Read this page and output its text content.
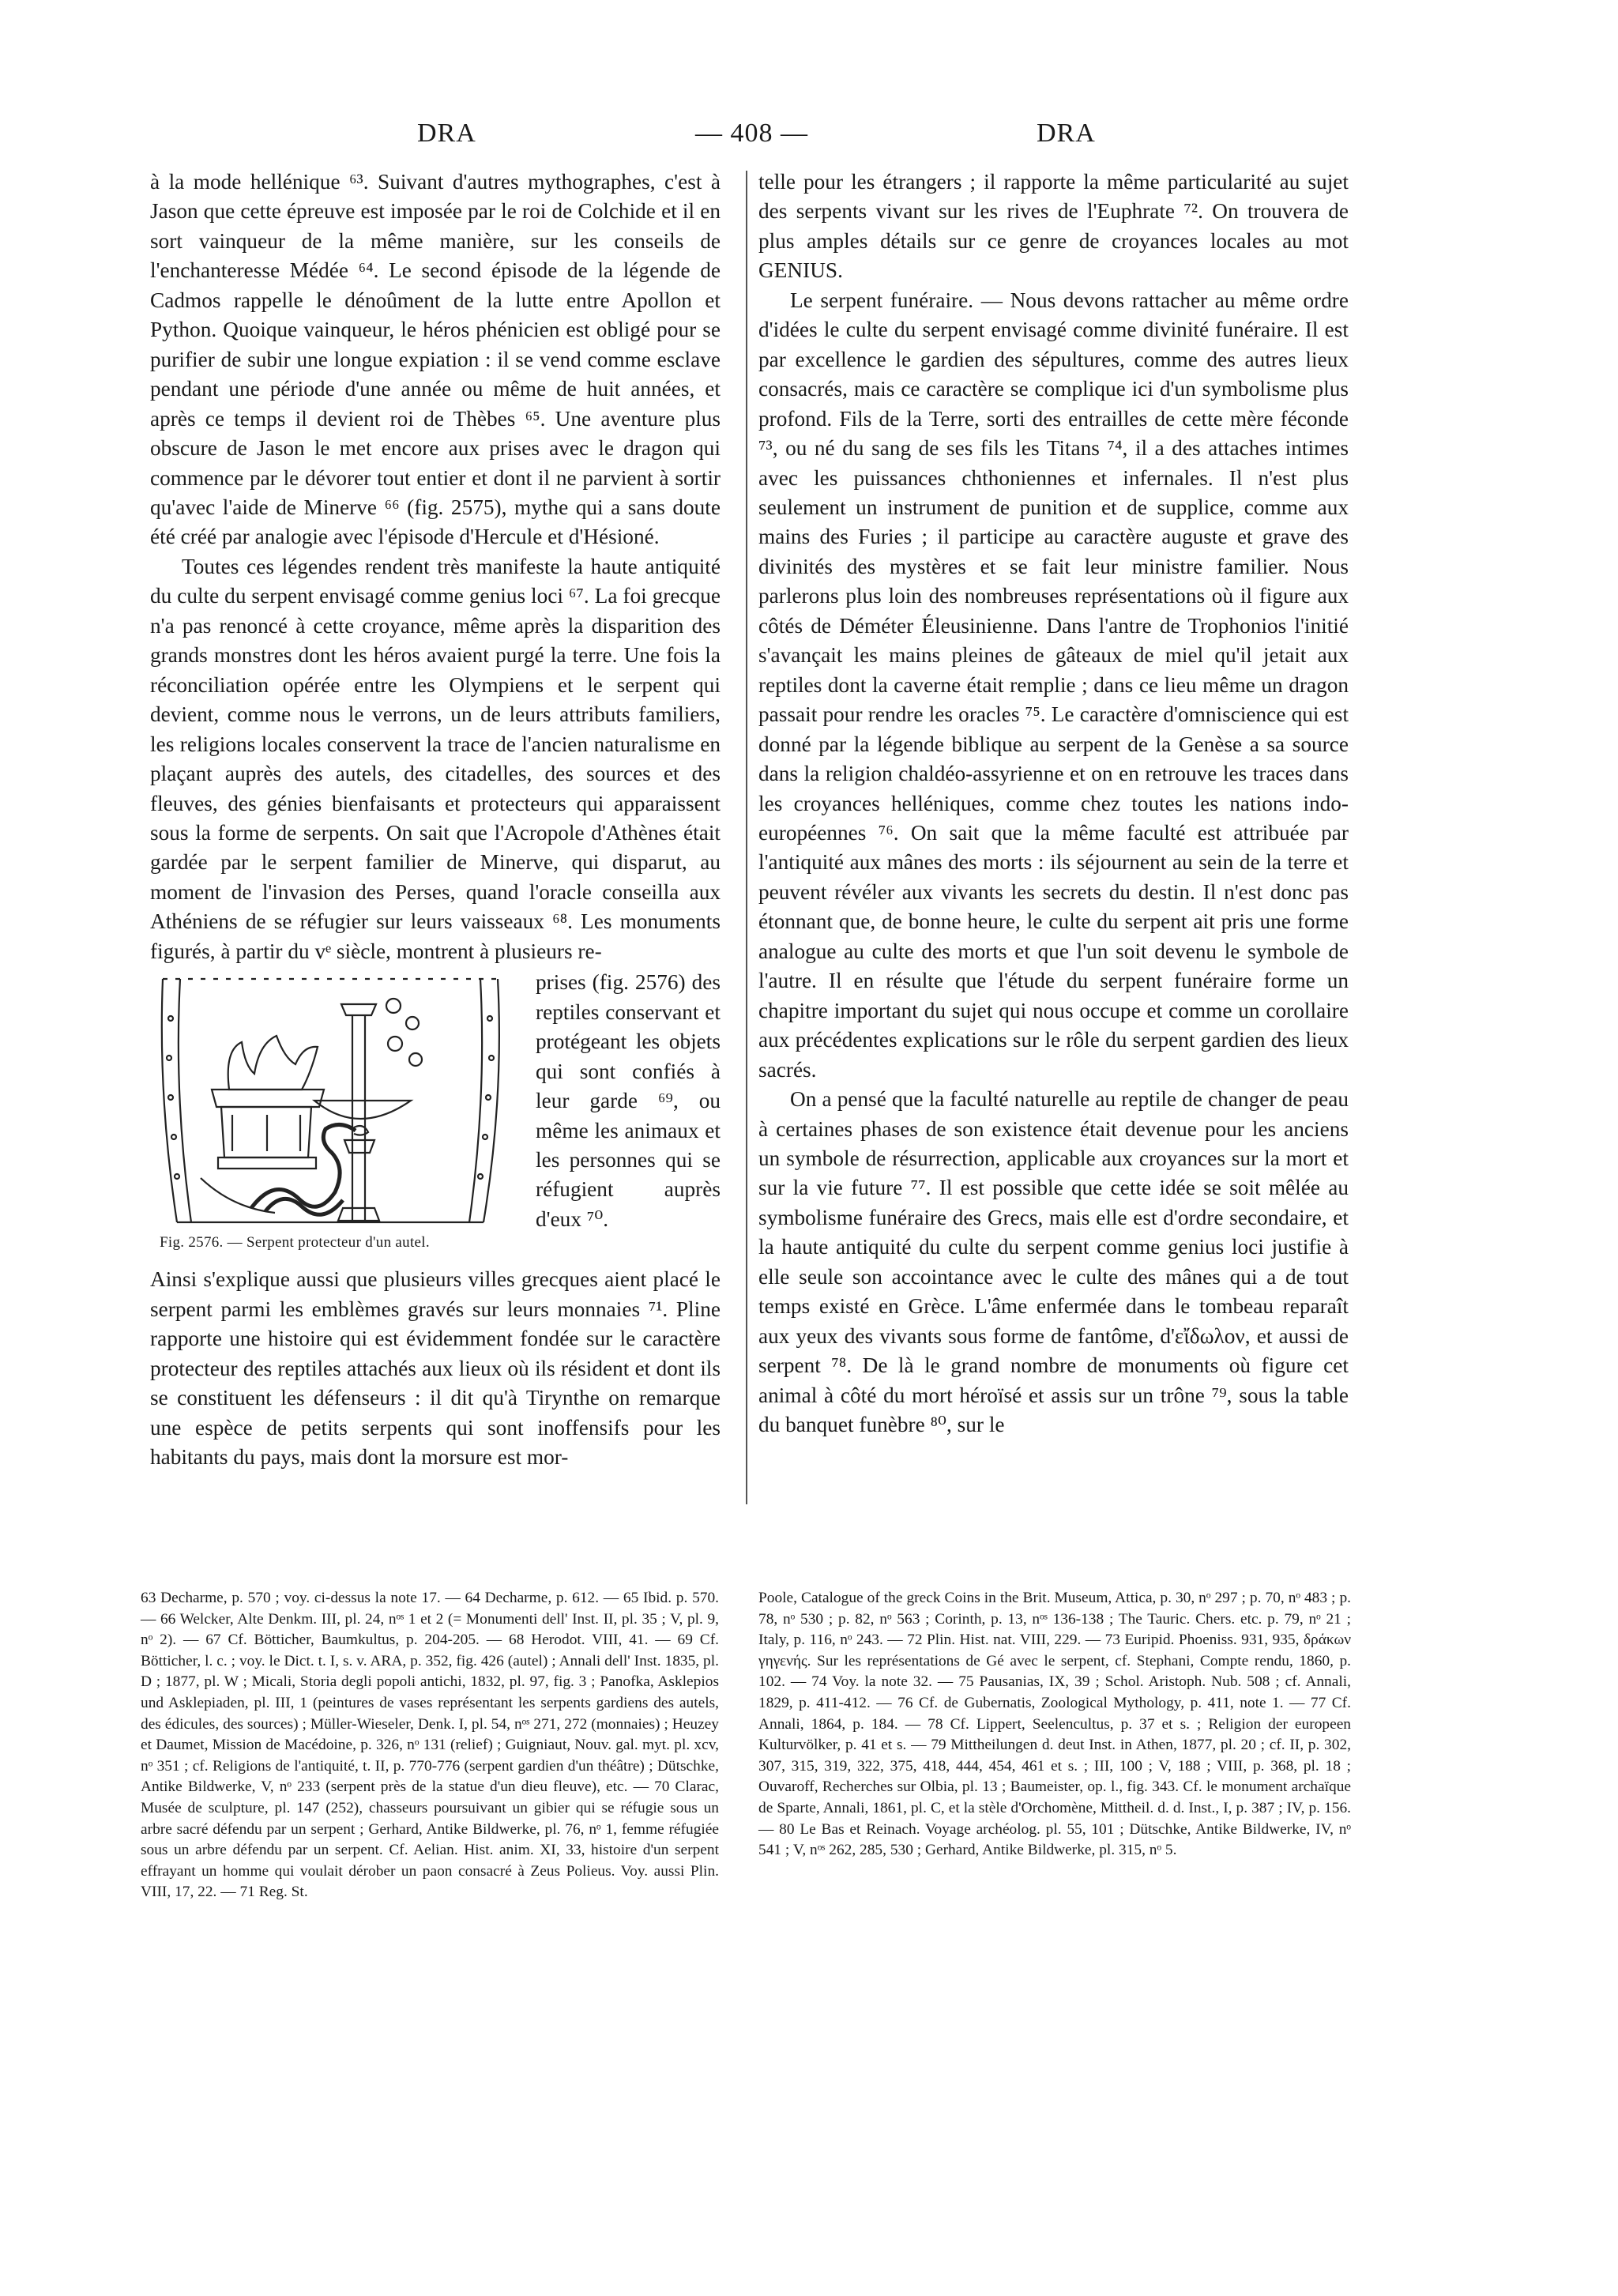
DRA	— 408 —	DRA

à la mode hellénique ⁶³. Suivant d'autres mythographes, c'est à Jason que cette épreuve est imposée par le roi de Colchide et il en sort vainqueur de la même manière, sur les conseils de l'enchanteresse Médée ⁶⁴. Le second épisode de la légende de Cadmos rappelle le dénoûment de la lutte entre Apollon et Python. Quoique vainqueur, le héros phénicien est obligé pour se purifier de subir une longue expiation : il se vend comme esclave pendant une période d'une année ou même de huit années, et après ce temps il devient roi de Thèbes ⁶⁵. Une aventure plus obscure de Jason le met encore aux prises avec le dragon qui commence par le dévorer tout entier et dont il ne parvient à sortir qu'avec l'aide de Minerve ⁶⁶ (fig. 2575), mythe qui a sans doute été créé par analogie avec l'épisode d'Hercule et d'Hésioné.

Toutes ces légendes rendent très manifeste la haute antiquité du culte du serpent envisagé comme genius loci ⁶⁷. La foi grecque n'a pas renoncé à cette croyance, même après la disparition des grands monstres dont les héros avaient purgé la terre. Une fois la réconciliation opérée entre les Olympiens et le serpent qui devient, comme nous le verrons, un de leurs attributs familiers, les religions locales conservent la trace de l'ancien naturalisme en plaçant auprès des autels, des citadelles, des sources et des fleuves, des génies bienfaisants et protecteurs qui apparaissent sous la forme de serpents. On sait que l'Acropole d'Athènes était gardée par le serpent familier de Minerve, qui disparut, au moment de l'invasion des Perses, quand l'oracle conseilla aux Athéniens de se réfugier sur leurs vaisseaux ⁶⁸. Les monuments figurés, à partir du vᵉ siècle, montrent à plusieurs re-

Fig. 2576. — Serpent protecteur d'un autel.
prises (fig. 2576) des reptiles conservant et protégeant les objets qui sont confiés à leur garde ⁶⁹, ou même les animaux et les personnes qui se réfugient auprès d'eux ⁷⁰.

Ainsi s'explique aussi que plusieurs villes grecques aient placé le serpent parmi les emblèmes gravés sur leurs monnaies ⁷¹. Pline rapporte une histoire qui est évidemment fondée sur le caractère protecteur des reptiles attachés aux lieux où ils résident et dont ils se constituent les défenseurs : il dit qu'à Tirynthe on remarque une espèce de petits serpents qui sont inoffensifs pour les habitants du pays, mais dont la morsure est mor-

telle pour les étrangers ; il rapporte la même particularité au sujet des serpents vivant sur les rives de l'Euphrate ⁷². On trouvera de plus amples détails sur ce genre de croyances locales au mot GENIUS.

Le serpent funéraire. — Nous devons rattacher au même ordre d'idées le culte du serpent envisagé comme divinité funéraire. Il est par excellence le gardien des sépultures, comme des autres lieux consacrés, mais ce caractère se complique ici d'un symbolisme plus profond. Fils de la Terre, sorti des entrailles de cette mère féconde ⁷³, ou né du sang de ses fils les Titans ⁷⁴, il a des attaches intimes avec les puissances chthoniennes et infernales. Il n'est plus seulement un instrument de punition et de supplice, comme aux mains des Furies ; il participe au caractère auguste et grave des divinités des mystères et se fait leur ministre familier. Nous parlerons plus loin des nombreuses représentations où il figure aux côtés de Déméter Éleusinienne. Dans l'antre de Trophonios l'initié s'avançait les mains pleines de gâteaux de miel qu'il jetait aux reptiles dont la caverne était remplie ; dans ce lieu même un dragon passait pour rendre les oracles ⁷⁵. Le caractère d'omniscience qui est donné par la légende biblique au serpent de la Genèse a sa source dans la religion chaldéo-assyrienne et on en retrouve les traces dans les croyances helléniques, comme chez toutes les nations indo-européennes ⁷⁶. On sait que la même faculté est attribuée par l'antiquité aux mânes des morts : ils séjournent au sein de la terre et peuvent révéler aux vivants les secrets du destin. Il n'est donc pas étonnant que, de bonne heure, le culte du serpent ait pris une forme analogue au culte des morts et que l'un soit devenu le symbole de l'autre. Il en résulte que l'étude du serpent funéraire forme un chapitre important du sujet qui nous occupe et comme un corollaire aux précédentes explications sur le rôle du serpent gardien des lieux sacrés.

On a pensé que la faculté naturelle au reptile de changer de peau à certaines phases de son existence était devenue pour les anciens un symbole de résurrection, applicable aux croyances sur la mort et sur la vie future ⁷⁷. Il est possible que cette idée se soit mêlée au symbolisme funéraire des Grecs, mais elle est d'ordre secondaire, et la haute antiquité du culte du serpent comme genius loci justifie à elle seule son accointance avec le culte des mânes qui a de tout temps existé en Grèce. L'âme enfermée dans le tombeau reparaît aux yeux des vivants sous forme de fantôme, d'εἴδωλον, et aussi de serpent ⁷⁸. De là le grand nombre de monuments où figure cet animal à côté du mort héroïsé et assis sur un trône ⁷⁹, sous la table du banquet funèbre ⁸⁰, sur le

63 Decharme, p. 570 ; voy. ci-dessus la note 17. — 64 Decharme, p. 612. — 65 Ibid. p. 570. — 66 Welcker, Alte Denkm. III, pl. 24, nᵒˢ 1 et 2 (= Monumenti dell' Inst. II, pl. 35 ; V, pl. 9, nᵒ 2). — 67 Cf. Bötticher, Baumkultus, p. 204-205. — 68 Herodot. VIII, 41. — 69 Cf. Bötticher, l. c. ; voy. le Dict. t. I, s. v. ARA, p. 352, fig. 426 (autel) ; Annali dell' Inst. 1835, pl. D ; 1877, pl. W ; Micali, Storia degli popoli antichi, 1832, pl. 97, fig. 3 ; Panofka, Asklepios und Asklepiaden, pl. III, 1 (peintures de vases représentant les serpents gardiens des autels, des édicules, des sources) ; Müller-Wieseler, Denk. I, pl. 54, nᵒˢ 271, 272 (monnaies) ; Heuzey et Daumet, Mission de Macédoine, p. 326, nᵒ 131 (relief) ; Guigniaut, Nouv. gal. myt. pl. xcv, nᵒ 351 ; cf. Religions de l'antiquité, t. II, p. 770-776 (serpent gardien d'un théâtre) ; Dütschke, Antike Bildwerke, V, nᵒ 233 (serpent près de la statue d'un dieu fleuve), etc. — 70 Clarac, Musée de sculpture, pl. 147 (252), chasseurs poursuivant un gibier qui se réfugie sous un arbre sacré défendu par un serpent ; Gerhard, Antike Bildwerke, pl. 76, nᵒ 1, femme réfugiée sous un arbre défendu par un serpent. Cf. Aelian. Hist. anim. XI, 33, histoire d'un serpent effrayant un homme qui voulait dérober un paon consacré à Zeus Polieus. Voy. aussi Plin. VIII, 17, 22. — 71 Reg. St.
Poole, Catalogue of the greck Coins in the Brit. Museum, Attica, p. 30, nᵒ 297 ; p. 70, nᵒ 483 ; p. 78, nᵒ 530 ; p. 82, nᵒ 563 ; Corinth, p. 13, nᵒˢ 136-138 ; The Tauric. Chers. etc. p. 79, nᵒ 21 ; Italy, p. 116, nᵒ 243. — 72 Plin. Hist. nat. VIII, 229. — 73 Euripid. Phoeniss. 931, 935, δράκων γηγενής. Sur les représentations de Gé avec le serpent, cf. Stephani, Compte rendu, 1860, p. 102. — 74 Voy. la note 32. — 75 Pausanias, IX, 39 ; Schol. Aristoph. Nub. 508 ; cf. Annali, 1829, p. 411-412. — 76 Cf. de Gubernatis, Zoological Mythology, p. 411, note 1. — 77 Cf. Annali, 1864, p. 184. — 78 Cf. Lippert, Seelencultus, p. 37 et s. ; Religion der europeen Kulturvölker, p. 41 et s. — 79 Mittheilungen d. deut Inst. in Athen, 1877, pl. 20 ; cf. II, p. 302, 307, 315, 319, 322, 375, 418, 444, 454, 461 et s. ; III, 100 ; V, 188 ; VIII, p. 368, pl. 18 ; Ouvaroff, Recherches sur Olbia, pl. 13 ; Baumeister, op. l., fig. 343. Cf. le monument archaïque de Sparte, Annali, 1861, pl. C, et la stèle d'Orchomène, Mittheil. d. d. Inst., I, p. 387 ; IV, p. 156. — 80 Le Bas et Reinach. Voyage archéolog. pl. 55, 101 ; Dütschke, Antike Bildwerke, IV, nᵒ 541 ; V, nᵒˢ 262, 285, 530 ; Gerhard, Antike Bildwerke, pl. 315, nᵒ 5.
